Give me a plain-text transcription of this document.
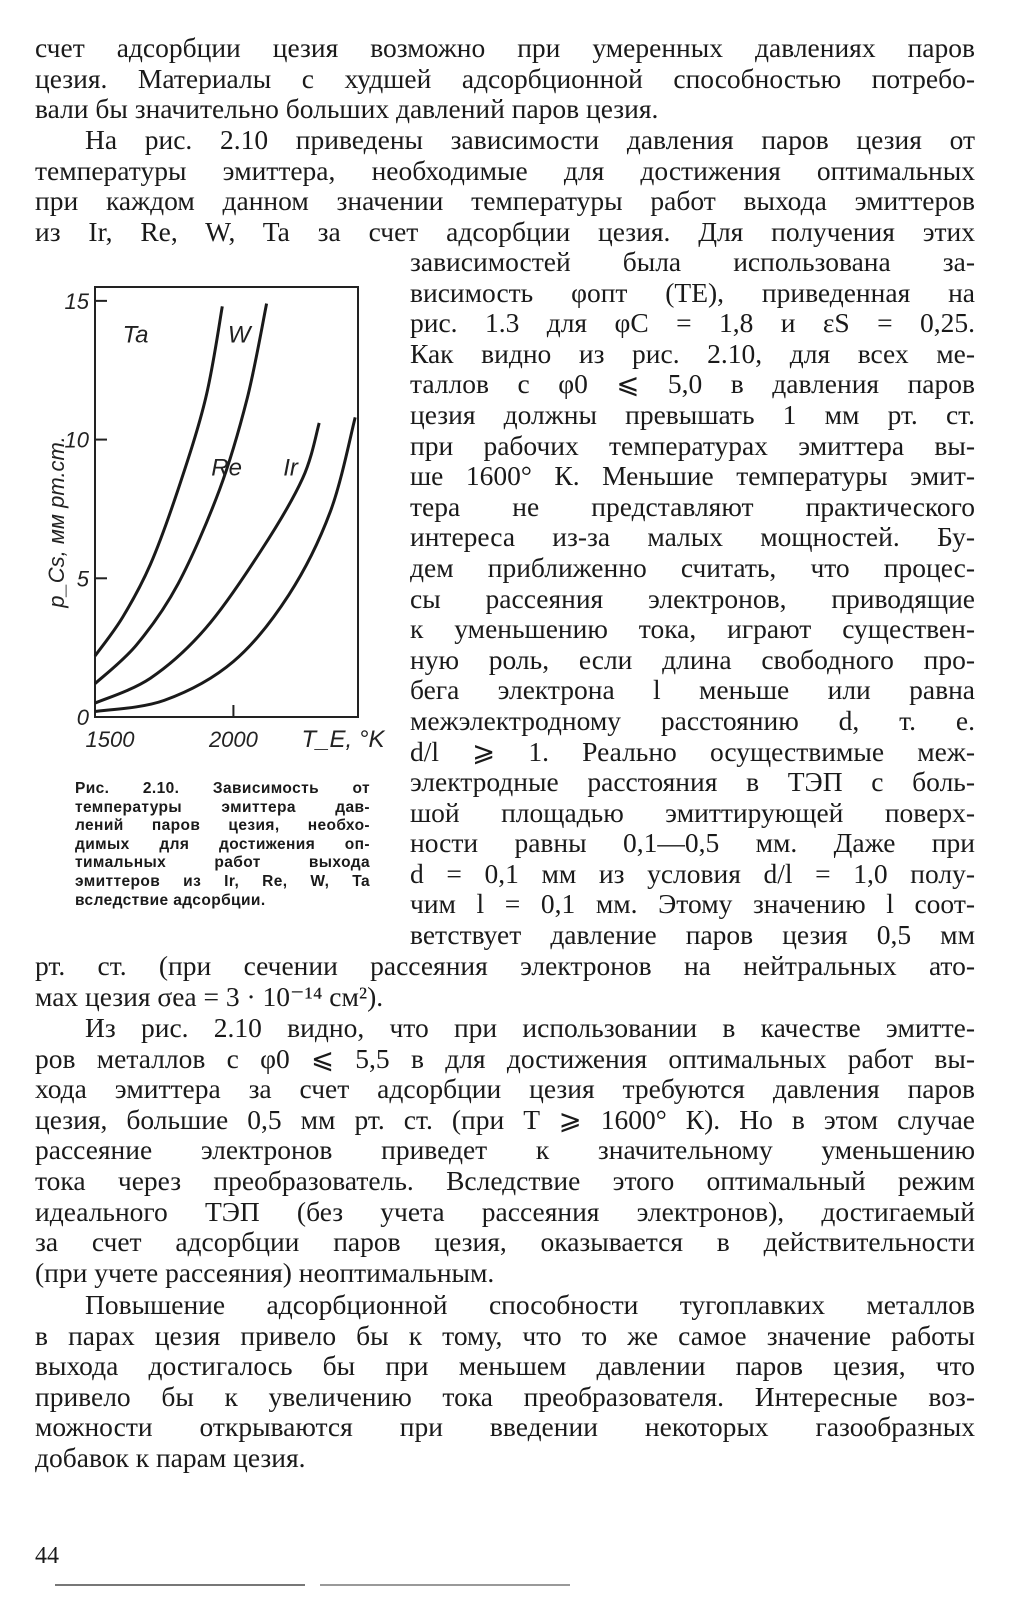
счет адсорбции цезия возможно при умеренных давлениях паров
цезия. Материалы с худшей адсорбционной способностью потребо-
вали бы значительно больших давлений паров цезия.
На рис. 2.10 приведены зависимости давления паров цезия от
температуры эмиттера, необходимые для достижения оптимальных
при каждом данном значении температуры работ выхода эмиттеров
из Ir, Re, W, Ta за счет адсорбции цезия. Для получения этих
зависимостей была использована за-
висимость φопт (TE), приведенная на
рис. 1.3 для φC = 1,8 и εS = 0,25.
Как видно из рис. 2.10, для всех ме-
таллов с φ0 ⩽ 5,0 в давления паров
цезия должны превышать 1 мм рт. ст.
при рабочих температурах эмиттера вы-
ше 1600° К. Меньшие температуры эмит-
тера не представляют практического
интереса из-за малых мощностей. Бу-
дем приближенно считать, что процес-
сы рассеяния электронов, приводящие
к уменьшению тока, играют существен-
ную роль, если длина свободного про-
бега электрона l меньше или равна
межэлектродному расстоянию d, т. е.
d/l ⩾ 1. Реально осуществимые меж-
электродные расстояния в ТЭП с боль-
шой площадью эмиттирующей поверх-
ности равны 0,1—0,5 мм. Даже при
d = 0,1 мм из условия d/l = 1,0 полу-
чим l = 0,1 мм. Этому значению l соот-
ветствует давление паров цезия 0,5 мм
0
5
10
15
1500	2000 T_E, °K
p_Cs, мм рт.ст.
Ta	W
Re Ir
Рис. 2.10. Зависимость от
температуры эмиттера дав-
лений паров цезия, необхо-
димых для достижения оп-
тимальных работ выхода
эмиттеров из Ir, Re, W, Ta
вследствие адсорбции.
рт. ст. (при сечении рассеяния электронов на нейтральных ато-
мах цезия σea = 3 · 10⁻¹⁴ см²).
Из рис. 2.10 видно, что при использовании в качестве эмитте-
ров металлов с φ0 ⩽ 5,5 в для достижения оптимальных работ вы-
хода эмиттера за счет адсорбции цезия требуются давления паров
цезия, большие 0,5 мм рт. ст. (при T ⩾ 1600° К). Но в этом случае
рассеяние электронов приведет к значительному уменьшению
тока через преобразователь. Вследствие этого оптимальный режим
идеального ТЭП (без учета рассеяния электронов), достигаемый
за счет адсорбции паров цезия, оказывается в действительности
(при учете рассеяния) неоптимальным.
Повышение адсорбционной способности тугоплавких металлов
в парах цезия привело бы к тому, что то же самое значение работы
выхода достигалось бы при меньшем давлении паров цезия, что
привело бы к увеличению тока преобразователя. Интересные воз-
можности открываются при введении некоторых газообразных
добавок к парам цезия.
44
